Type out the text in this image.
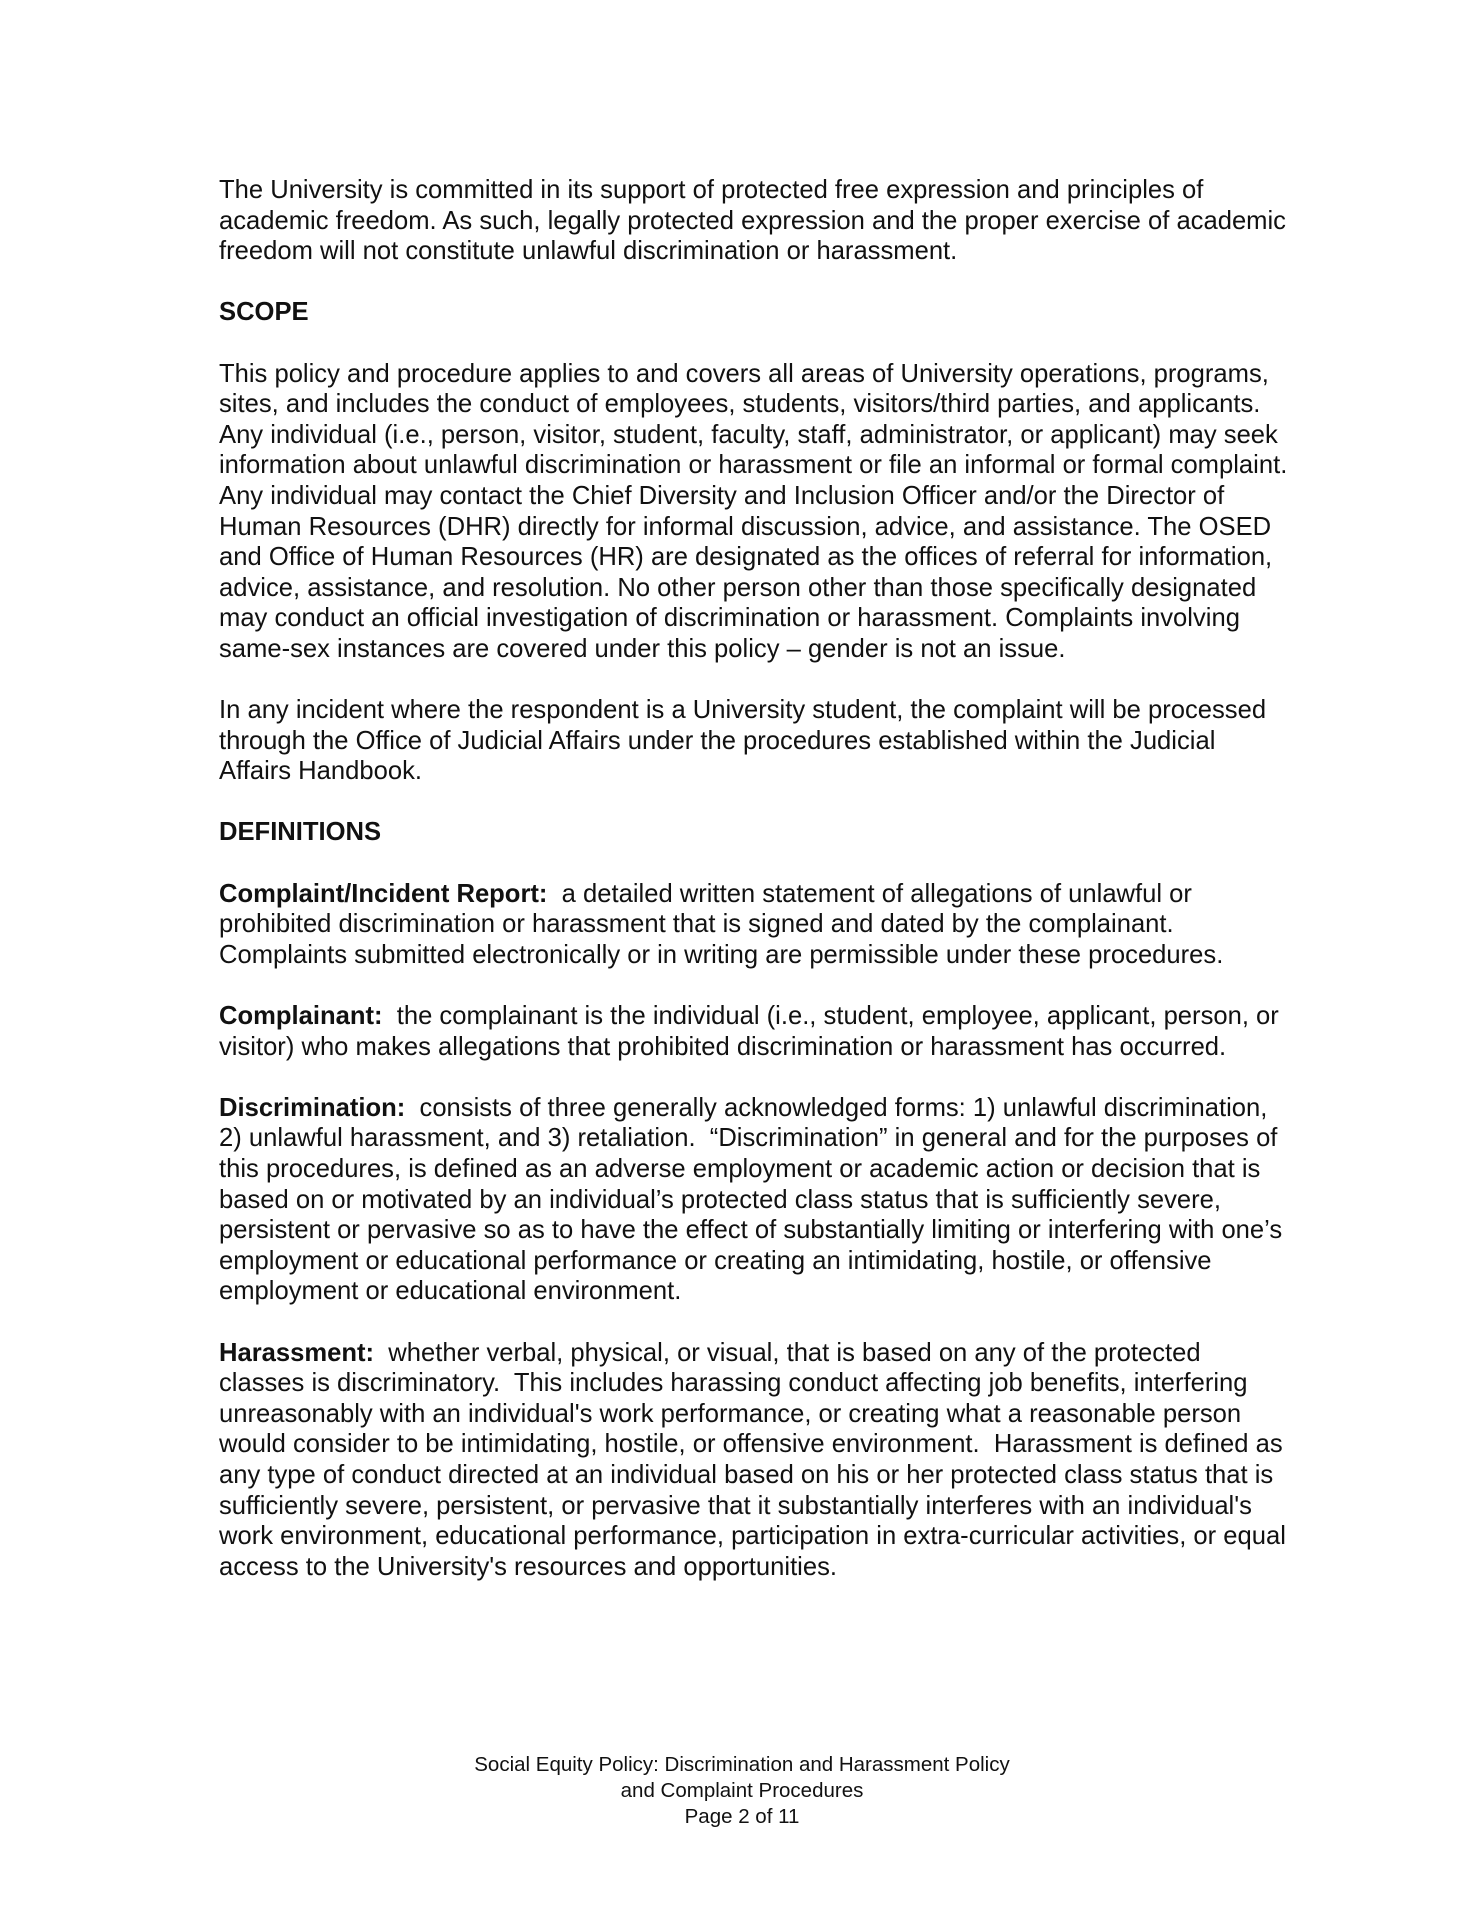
The University is committed in its support of protected free expression and principles of academic freedom. As such, legally protected expression and the proper exercise of academic freedom will not constitute unlawful discrimination or harassment.

SCOPE

This policy and procedure applies to and covers all areas of University operations, programs, sites, and includes the conduct of employees, students, visitors/third parties, and applicants. Any individual (i.e., person, visitor, student, faculty, staff, administrator, or applicant) may seek information about unlawful discrimination or harassment or file an informal or formal complaint. Any individual may contact the Chief Diversity and Inclusion Officer and/or the Director of Human Resources (DHR) directly for informal discussion, advice, and assistance. The OSED and Office of Human Resources (HR) are designated as the offices of referral for information, advice, assistance, and resolution. No other person other than those specifically designated may conduct an official investigation of discrimination or harassment. Complaints involving same-sex instances are covered under this policy – gender is not an issue.

In any incident where the respondent is a University student, the complaint will be processed through the Office of Judicial Affairs under the procedures established within the Judicial Affairs Handbook.

DEFINITIONS

Complaint/Incident Report:  a detailed written statement of allegations of unlawful or prohibited discrimination or harassment that is signed and dated by the complainant.  Complaints submitted electronically or in writing are permissible under these procedures.

Complainant:  the complainant is the individual (i.e., student, employee, applicant, person, or visitor) who makes allegations that prohibited discrimination or harassment has occurred.

Discrimination:  consists of three generally acknowledged forms: 1) unlawful discrimination, 2) unlawful harassment, and 3) retaliation.  “Discrimination” in general and for the purposes of this procedures, is defined as an adverse employment or academic action or decision that is based on or motivated by an individual’s protected class status that is sufficiently severe, persistent or pervasive so as to have the effect of substantially limiting or interfering with one’s employment or educational performance or creating an intimidating, hostile, or offensive employment or educational environment.

Harassment:  whether verbal, physical, or visual, that is based on any of the protected classes is discriminatory.  This includes harassing conduct affecting job benefits, interfering unreasonably with an individual's work performance, or creating what a reasonable person would consider to be intimidating, hostile, or offensive environment.  Harassment is defined as any type of conduct directed at an individual based on his or her protected class status that is sufficiently severe, persistent, or pervasive that it substantially interferes with an individual's work environment, educational performance, participation in extra-curricular activities, or equal access to the University's resources and opportunities.

Social Equity Policy: Discrimination and Harassment Policy
and Complaint Procedures
Page 2 of 11
